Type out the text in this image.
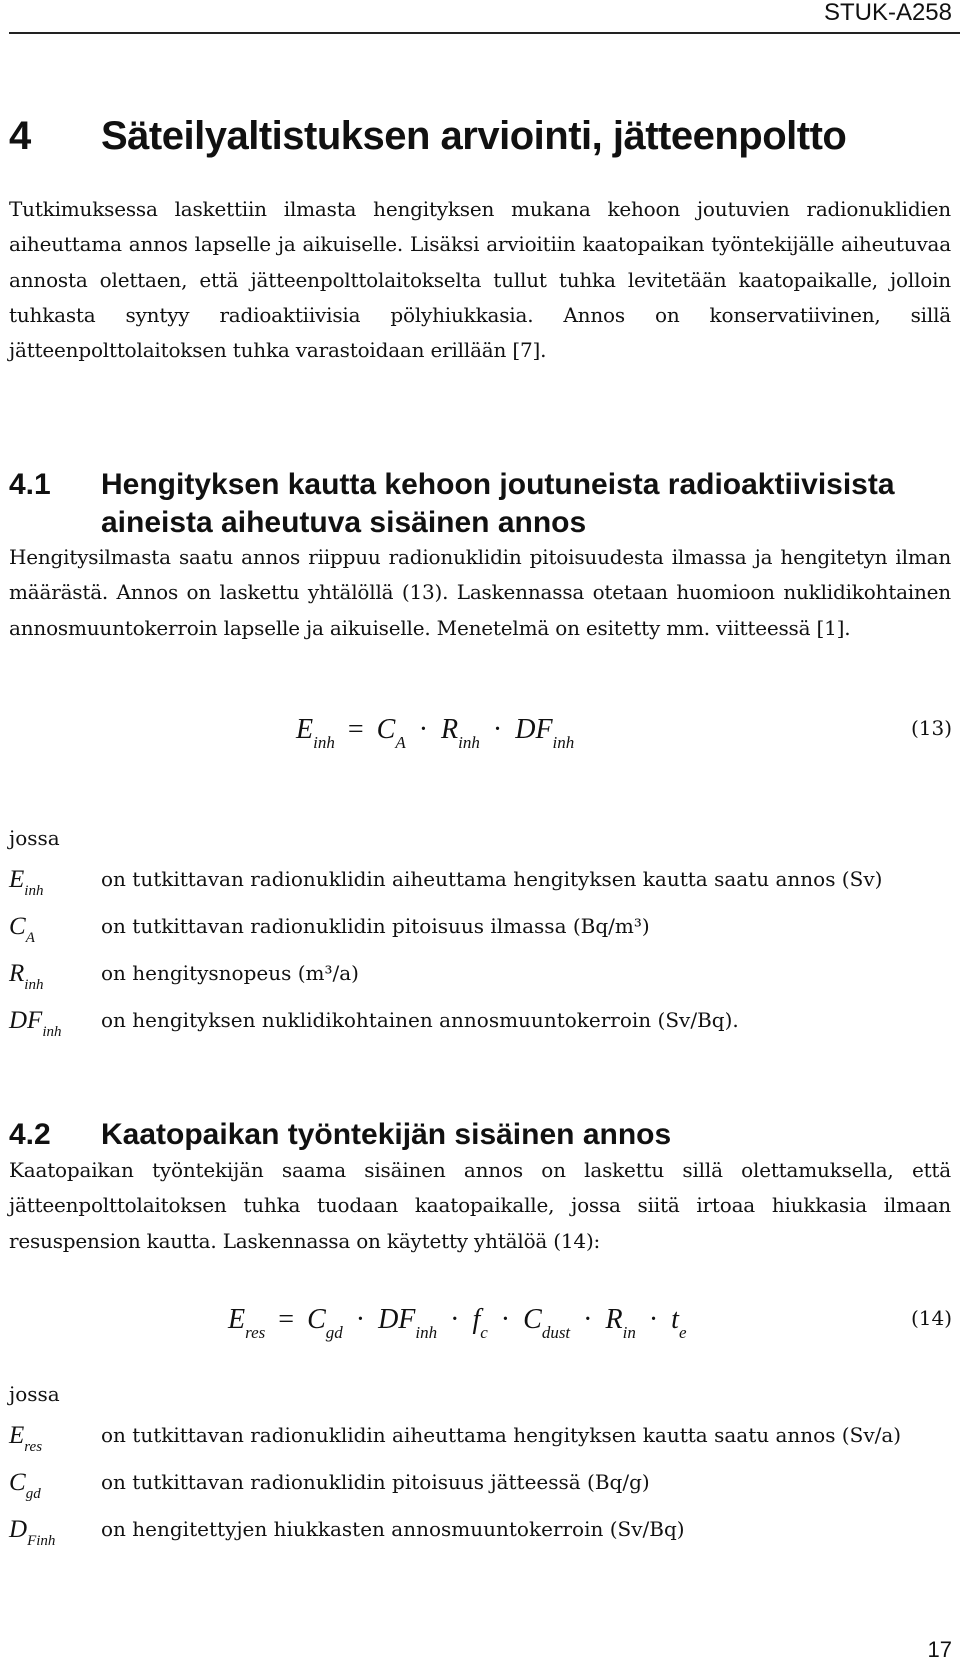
STUK-A258
4	Säteilyaltistuksen arviointi, jätteenpoltto
Tutkimuksessa laskettiin ilmasta hengityksen mukana kehoon joutuvien radionuklidien aiheuttama annos lapselle ja aikuiselle. Lisäksi arvioitiin kaatopaikan työntekijälle aiheutuvaa annosta olettaen, että jätteenpolttolaitokselta tullut tuhka levitetään kaatopaikalle, jolloin tuhkasta syntyy radioaktiivisia pölyhiukkasia. Annos on konservatiivinen, sillä jätteenpolttolaitoksen tuhka varastoidaan erillään [7].
4.1	Hengityksen kautta kehoon joutuneista radioaktiivisista aineista aiheutuva sisäinen annos
Hengitysilmasta saatu annos riippuu radionuklidin pitoisuudesta ilmassa ja hengitetyn ilman määrästä. Annos on laskettu yhtälöllä (13). Laskennassa otetaan huomioon nuklidikohtainen annosmuuntokerroin lapselle ja aikuiselle. Menetelmä on esitetty mm. viitteessä [1].
$E_{inh} = C_A \cdot R_{inh} \cdot DF_{inh}$
(13)
jossa
$E_{inh}$	on tutkittavan radionuklidin aiheuttama hengityksen kautta saatu annos (Sv)
$C_A$	on tutkittavan radionuklidin pitoisuus ilmassa (Bq/m³)
$R_{inh}$	on hengitysnopeus (m³/a)
$DF_{inh}$	on hengityksen nuklidikohtainen annosmuuntokerroin (Sv/Bq).
4.2	Kaatopaikan työntekijän sisäinen annos
Kaatopaikan työntekijän saama sisäinen annos on laskettu sillä olettamuksella, että jätteenpolttolaitoksen tuhka tuodaan kaatopaikalle, jossa siitä irtoaa hiukkasia ilmaan resuspension kautta. Laskennassa on käytetty yhtälöä (14):
$E_{res} = C_{gd} \cdot DF_{inh} \cdot f_c \cdot C_{dust} \cdot R_{in} \cdot t_e$
(14)
jossa
$E_{res}$	on tutkittavan radionuklidin aiheuttama hengityksen kautta saatu annos (Sv/a)
$C_{gd}$	on tutkittavan radionuklidin pitoisuus jätteessä (Bq/g)
$D_{Finh}$	on hengitettyjen hiukkasten annosmuuntokerroin (Sv/Bq)
17
